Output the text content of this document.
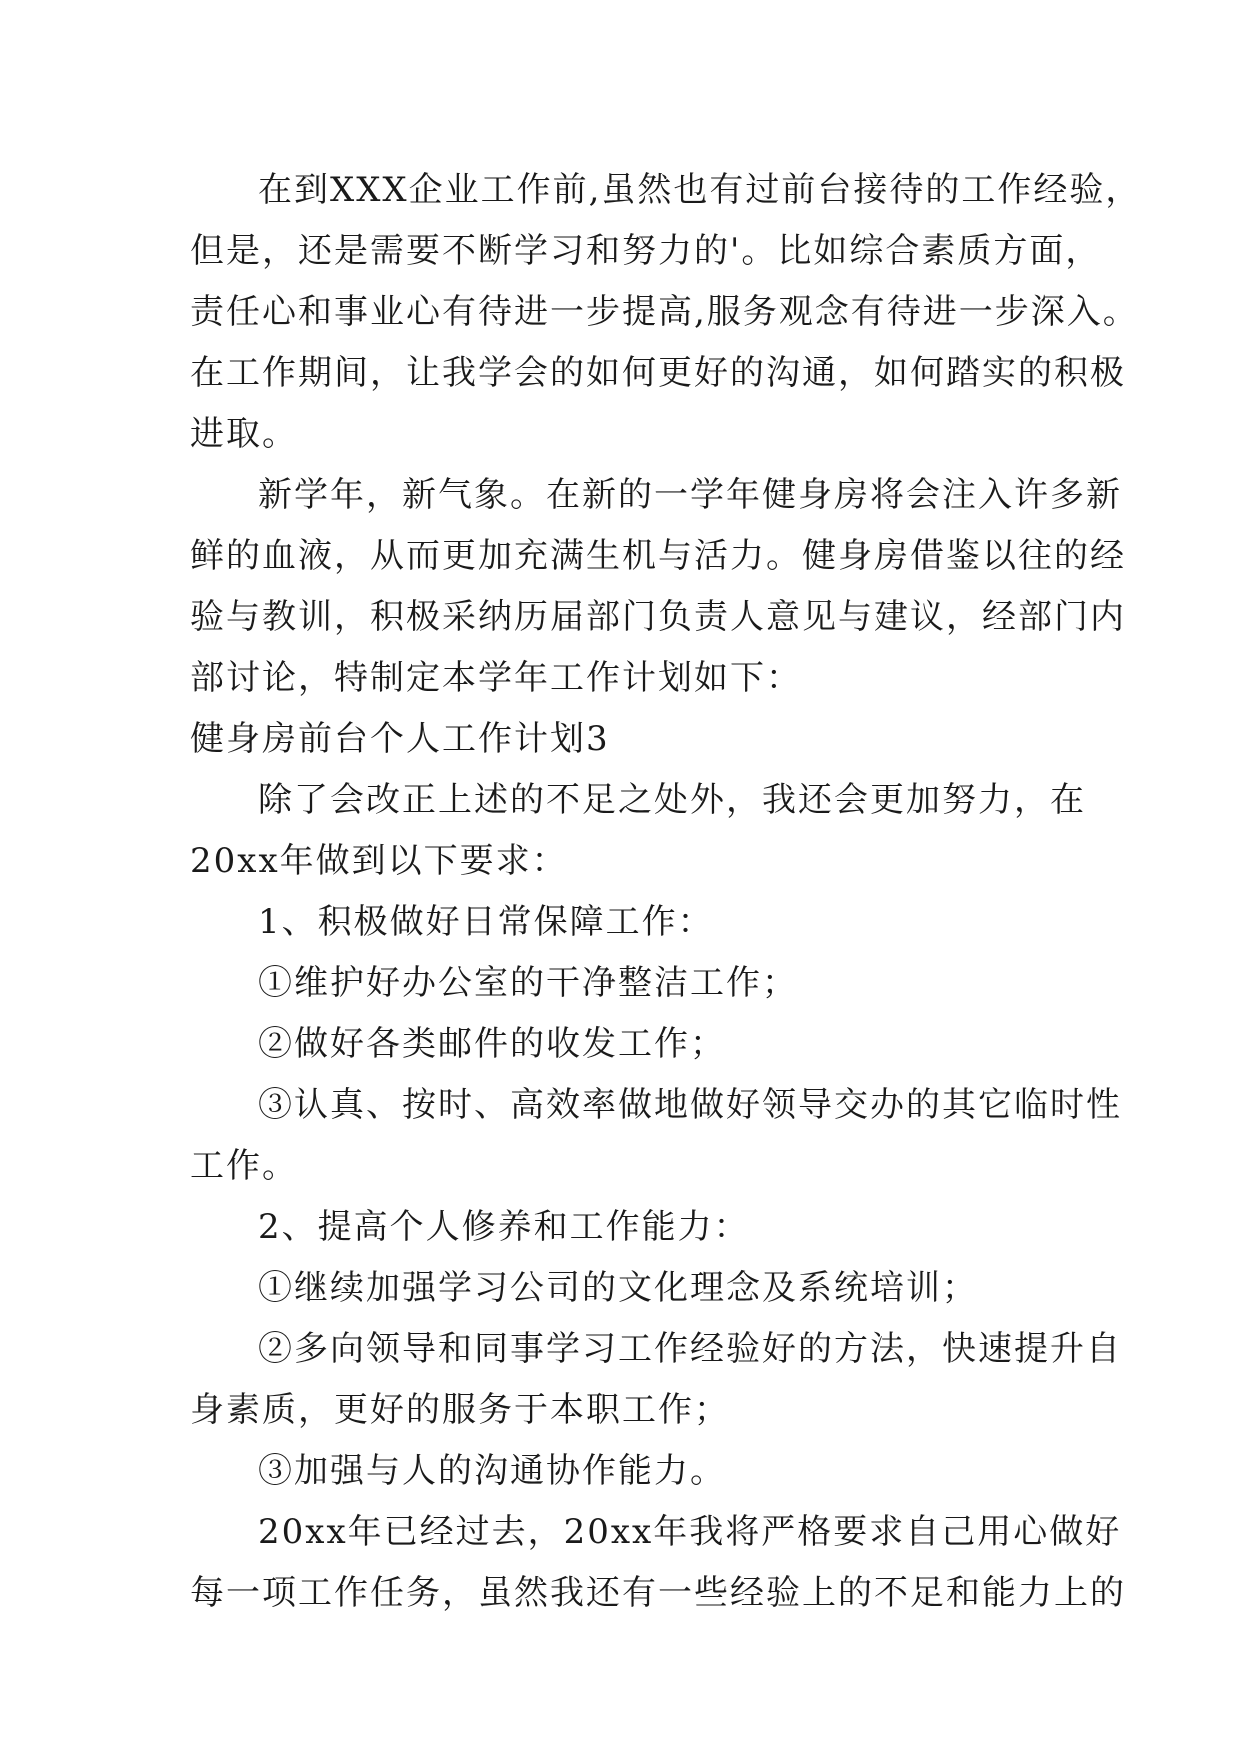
在到XXX企业工作前,虽然也有过前台接待的工作经验，
但是，还是需要不断学习和努力的'。比如综合素质方面，
责任心和事业心有待进一步提高,服务观念有待进一步深入。
在工作期间，让我学会的如何更好的沟通，如何踏实的积极
进取。
新学年，新气象。在新的一学年健身房将会注入许多新
鲜的血液，从而更加充满生机与活力。健身房借鉴以往的经
验与教训，积极采纳历届部门负责人意见与建议，经部门内
部讨论，特制定本学年工作计划如下：
健身房前台个人工作计划3
除了会改正上述的不足之处外，我还会更加努力，在
20xx年做到以下要求：
1、积极做好日常保障工作：
①维护好办公室的干净整洁工作；
②做好各类邮件的收发工作；
③认真、按时、高效率做地做好领导交办的其它临时性
工作。
2、提高个人修养和工作能力：
①继续加强学习公司的文化理念及系统培训；
②多向领导和同事学习工作经验好的方法，快速提升自
身素质，更好的服务于本职工作；
③加强与人的沟通协作能力。
20xx年已经过去，20xx年我将严格要求自己用心做好
每一项工作任务，虽然我还有一些经验上的不足和能力上的
